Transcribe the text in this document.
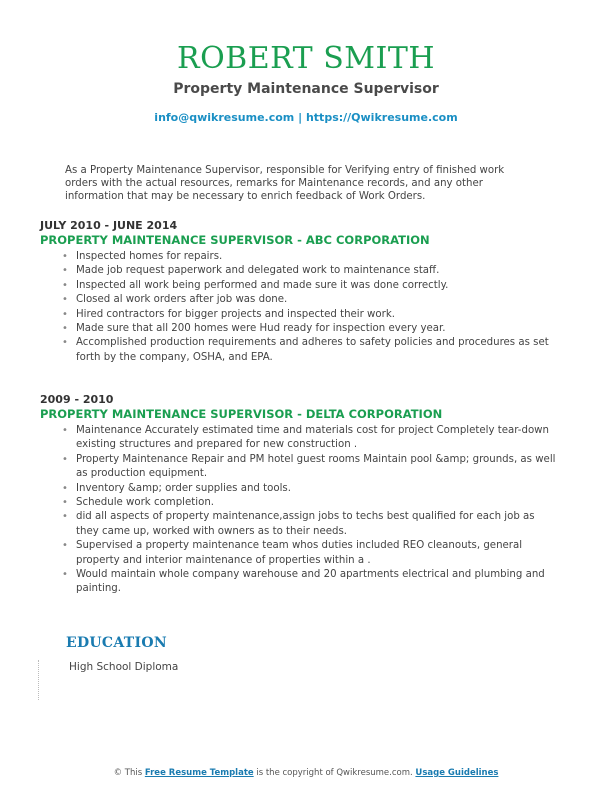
ROBERT SMITH
Property Maintenance Supervisor
info@qwikresume.com | https://Qwikresume.com
As a Property Maintenance Supervisor, responsible for Verifying entry of finished work orders with the actual resources, remarks for Maintenance records, and any other information that may be necessary to enrich feedback of Work Orders.
JULY 2010 - JUNE 2014
PROPERTY MAINTENANCE SUPERVISOR - ABC CORPORATION
• Inspected homes for repairs.
• Made job request paperwork and delegated work to maintenance staff.
• Inspected all work being performed and made sure it was done correctly.
• Closed al work orders after job was done.
• Hired contractors for bigger projects and inspected their work.
• Made sure that all 200 homes were Hud ready for inspection every year.
• Accomplished production requirements and adheres to safety policies and procedures as set forth by the company, OSHA, and EPA.
2009 - 2010
PROPERTY MAINTENANCE SUPERVISOR - DELTA CORPORATION
• Maintenance Accurately estimated time and materials cost for project Completely tear-down existing structures and prepared for new construction .
• Property Maintenance Repair and PM hotel guest rooms Maintain pool &amp; grounds, as well as production equipment.
• Inventory &amp; order supplies and tools.
• Schedule work completion.
• did all aspects of property maintenance,assign jobs to techs best qualified for each job as they came up, worked with owners as to their needs.
• Supervised a property maintenance team whos duties included REO cleanouts, general property and interior maintenance of properties within a .
• Would maintain whole company warehouse and 20 apartments electrical and plumbing and painting.
EDUCATION
High School Diploma
© This Free Resume Template is the copyright of Qwikresume.com. Usage Guidelines
